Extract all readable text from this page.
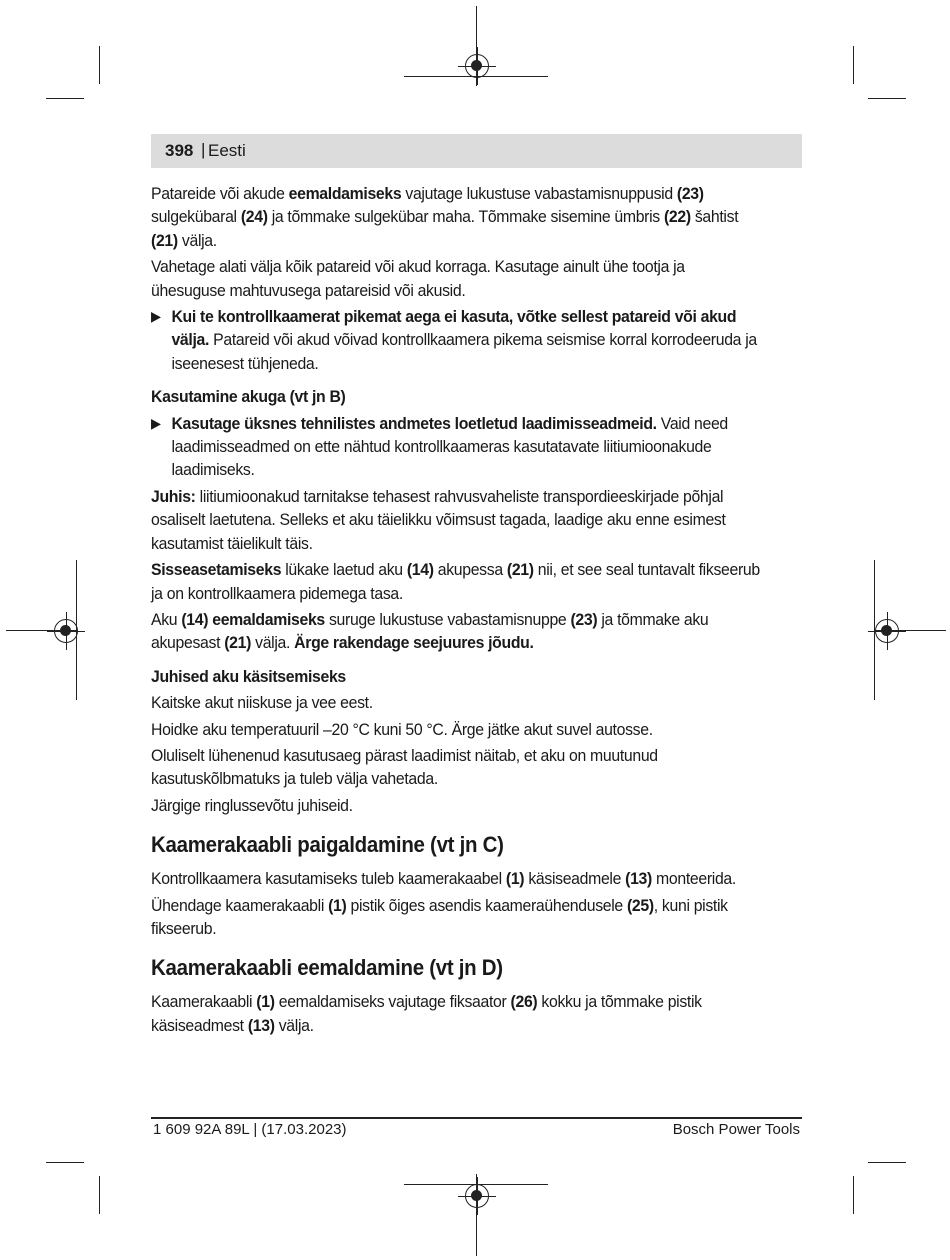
398 | Eesti

Patareide või akude eemaldamiseks vajutage lukustuse vabastamisnuppusid (23) sulgekübaral (24) ja tõmmake sulgekübar maha. Tõmmake sisemine ümbris (22) šahtist (21) välja.

Vahetage alati välja kõik patareid või akud korraga. Kasutage ainult ühe tootja ja ühesuguse mahtuvusega patareisid või akusid.

▶ Kui te kontrollkaamerat pikemat aega ei kasuta, võtke sellest patareid või akud välja. Patareid või akud võivad kontrollkaamera pikema seismise korral korrodeeruda ja iseenesest tühjeneda.

Kasutamine akuga (vt jn B)

▶ Kasutage üksnes tehnilistes andmetes loetletud laadimisseadmeid. Vaid need laadimisseadmed on ette nähtud kontrollkaameras kasutatavate liitiumioonakude laadimiseks.

Juhis: liitiumioonakud tarnitakse tehasest rahvusvaheliste transpordieeskirjade põhjal osaliselt laetutena. Selleks et aku täielikku võimsust tagada, laadige aku enne esimest kasutamist täielikult täis.

Sisseasetamiseks lükake laetud aku (14) akupessa (21) nii, et see seal tuntavalt fikseerub ja on kontrollkaamera pidemega tasa.

Aku (14) eemaldamiseks suruge lukustuse vabastamisnuppe (23) ja tõmmake aku akupesast (21) välja. Ärge rakendage seejuures jõudu.

Juhised aku käsitsemiseks

Kaitske akut niiskuse ja vee eest.

Hoidke aku temperatuuril –20 °C kuni 50 °C. Ärge jätke akut suvel autosse.

Oluliselt lühenenud kasutusaeg pärast laadimist näitab, et aku on muutunud kasutuskõlbmatuks ja tuleb välja vahetada.

Järgige ringlussevõtu juhiseid.

Kaamerakaabli paigaldamine (vt jn C)

Kontrollkaamera kasutamiseks tuleb kaamerakaabel (1) käsiseadmele (13) monteerida.

Ühendage kaamerakaabli (1) pistik õiges asendis kaameraühendusele (25), kuni pistik fikseerub.

Kaamerakaabli eemaldamine (vt jn D)

Kaamerakaabli (1) eemaldamiseks vajutage fiksaator (26) kokku ja tõmmake pistik käsiseadmest (13) välja.

1 609 92A 89L | (17.03.2023)	Bosch Power Tools
